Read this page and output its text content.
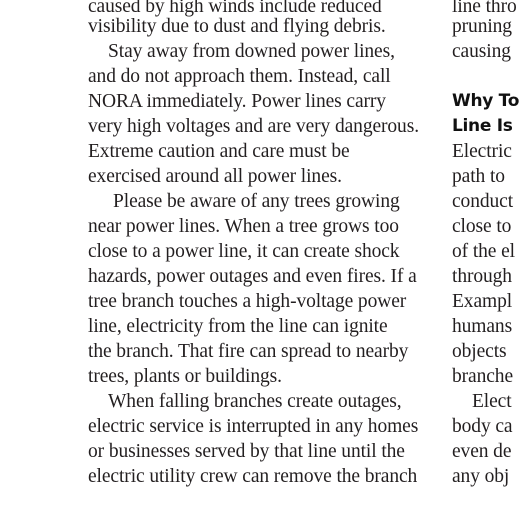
caused by high winds include reduced
visibility due to dust and flying debris.
Stay away from downed power lines,
and do not approach them. Instead, call
NORA immediately. Power lines carry
very high voltages and are very dangerous.
Extreme caution and care must be
exercised around all power lines.
Please be aware of any trees growing
near power lines. When a tree grows too
close to a power line, it can create shock
hazards, power outages and even fires. If a
tree branch touches a high-voltage power
line, electricity from the line can ignite
the branch. That fire can spread to nearby
trees, plants or buildings.
When falling branches create outages,
electric service is interrupted in any homes
or businesses served by that line until the
electric utility crew can remove the branch
line thro
pruning
causing
Why To
Line Is
Electric
path to
conduct
close to
of the el
through
Exampl
humans
objects
branche
Elect
body ca
even de
any obj
